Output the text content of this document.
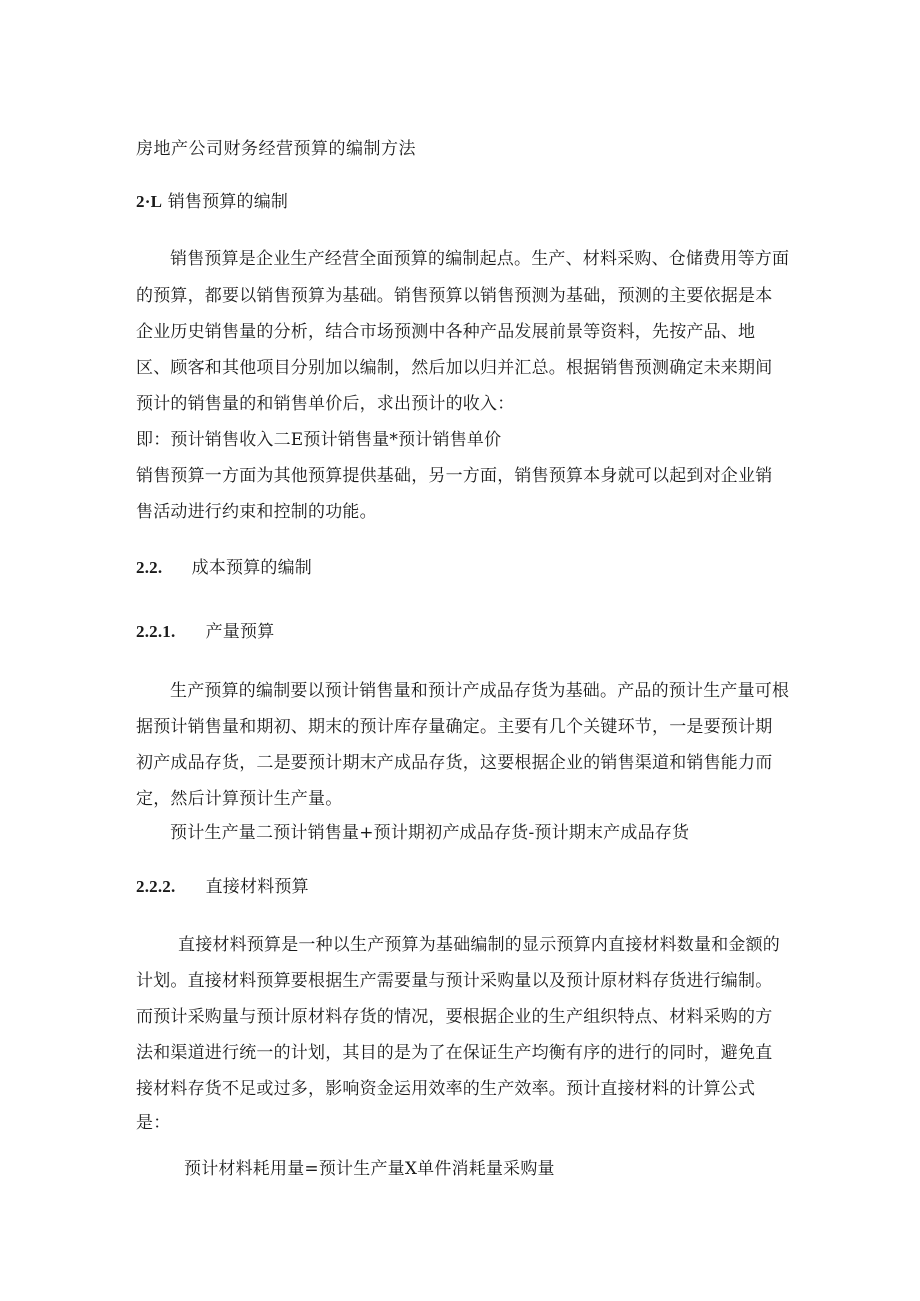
房地产公司财务经营预算的编制方法
2·L 销售预算的编制
销售预算是企业生产经营全面预算的编制起点。生产、材料采购、仓储费用等方面
的预算，都要以销售预算为基础。销售预算以销售预测为基础，预测的主要依据是本
企业历史销售量的分析，结合市场预测中各种产品发展前景等资料，先按产品、地
区、顾客和其他项目分别加以编制，然后加以归并汇总。根据销售预测确定未来期间
预计的销售量的和销售单价后，求出预计的收入：
即：预计销售收入二E预计销售量*预计销售单价
销售预算一方面为其他预算提供基础，另一方面，销售预算本身就可以起到对企业销
售活动进行约束和控制的功能。
2.2. 成本预算的编制
2.2.1. 产量预算
生产预算的编制要以预计销售量和预计产成品存货为基础。产品的预计生产量可根
据预计销售量和期初、期末的预计库存量确定。主要有几个关键环节，一是要预计期
初产成品存货，二是要预计期末产成品存货，这要根据企业的销售渠道和销售能力而
定，然后计算预计生产量。
预计生产量二预计销售量+预计期初产成品存货-预计期末产成品存货
2.2.2. 直接材料预算
直接材料预算是一种以生产预算为基础编制的显示预算内直接材料数量和金额的
计划。直接材料预算要根据生产需要量与预计采购量以及预计原材料存货进行编制。
而预计采购量与预计原材料存货的情况，要根据企业的生产组织特点、材料采购的方
法和渠道进行统一的计划，其目的是为了在保证生产均衡有序的进行的同时，避免直
接材料存货不足或过多，影响资金运用效率的生产效率。预计直接材料的计算公式
是：
预计材料耗用量=预计生产量X单件消耗量采购量
